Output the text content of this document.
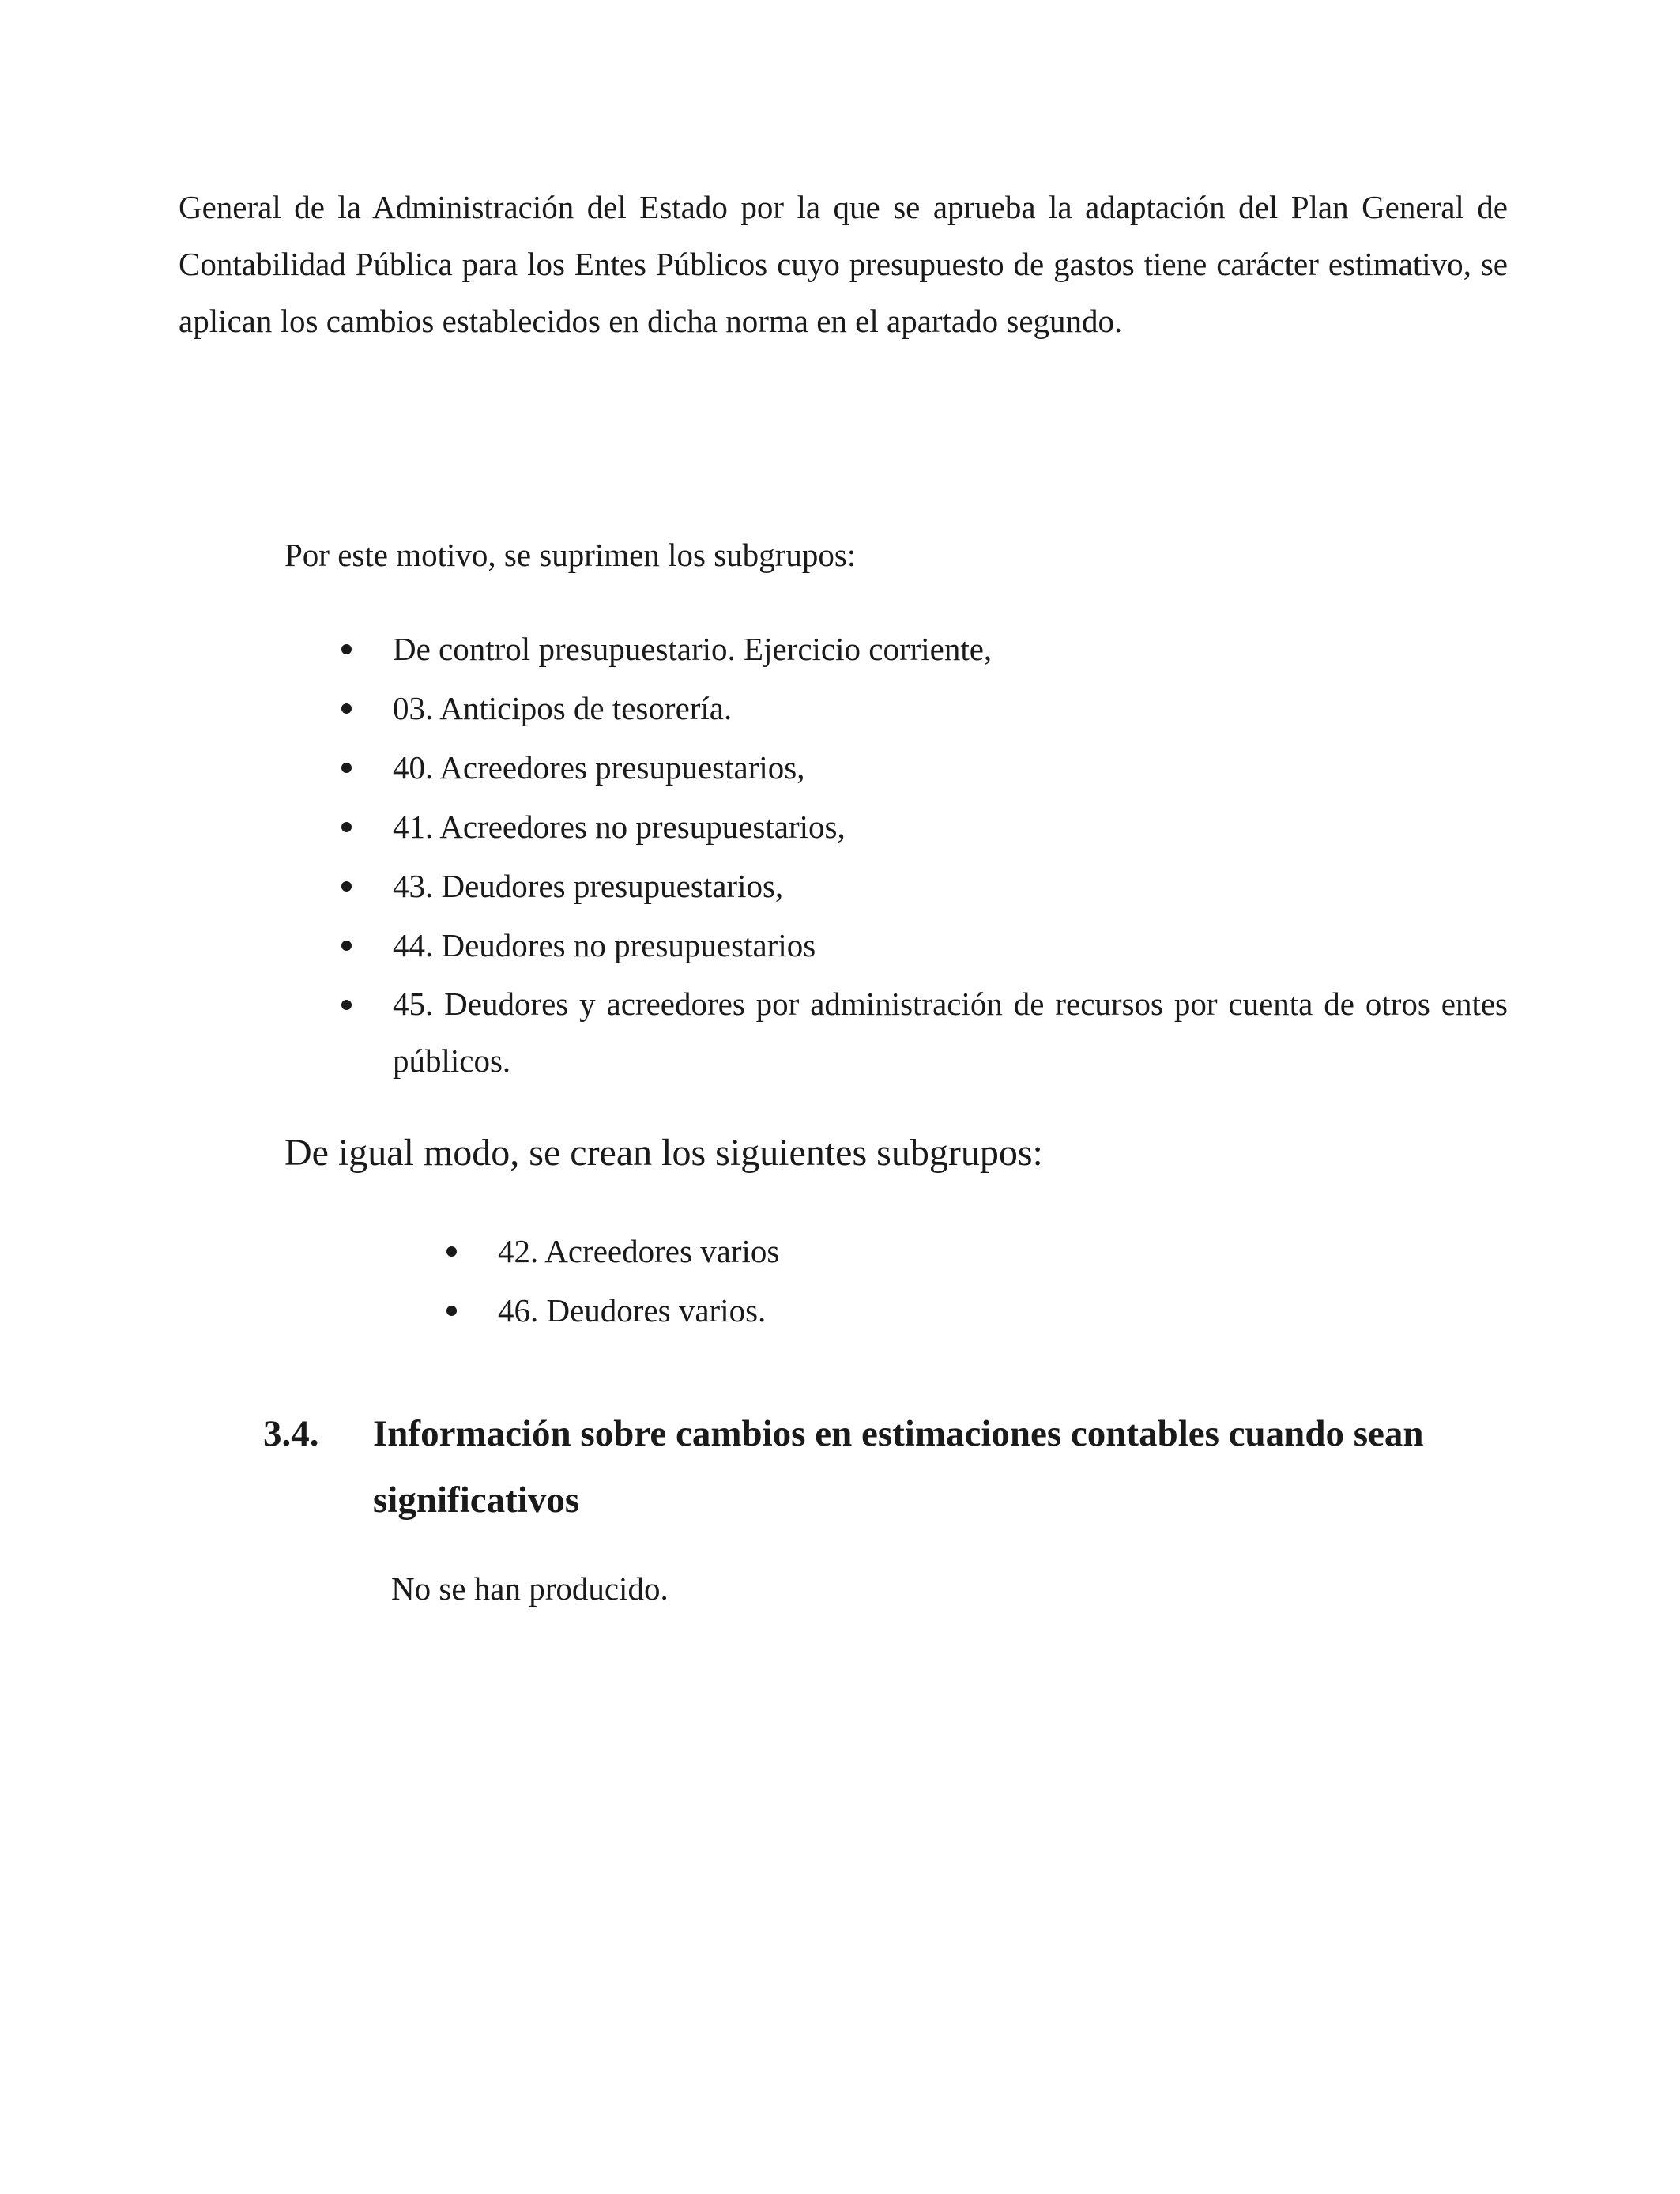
General de la Administración del Estado por la que se aprueba la adaptación del Plan General de Contabilidad Pública para los Entes Públicos cuyo presupuesto de gastos tiene carácter estimativo, se aplican los cambios establecidos en dicha norma en el apartado segundo.

Por este motivo, se suprimen los subgrupos:

De control presupuestario. Ejercicio corriente,
03. Anticipos de tesorería.
40. Acreedores presupuestarios,
41. Acreedores no presupuestarios,
43. Deudores presupuestarios,
44. Deudores no presupuestarios
45. Deudores y acreedores por administración de recursos por cuenta de otros entes públicos.

De igual modo, se crean los siguientes subgrupos:

42. Acreedores varios
46. Deudores varios.
3.4. Información sobre cambios en estimaciones contables cuando sean significativos

No se han producido.
